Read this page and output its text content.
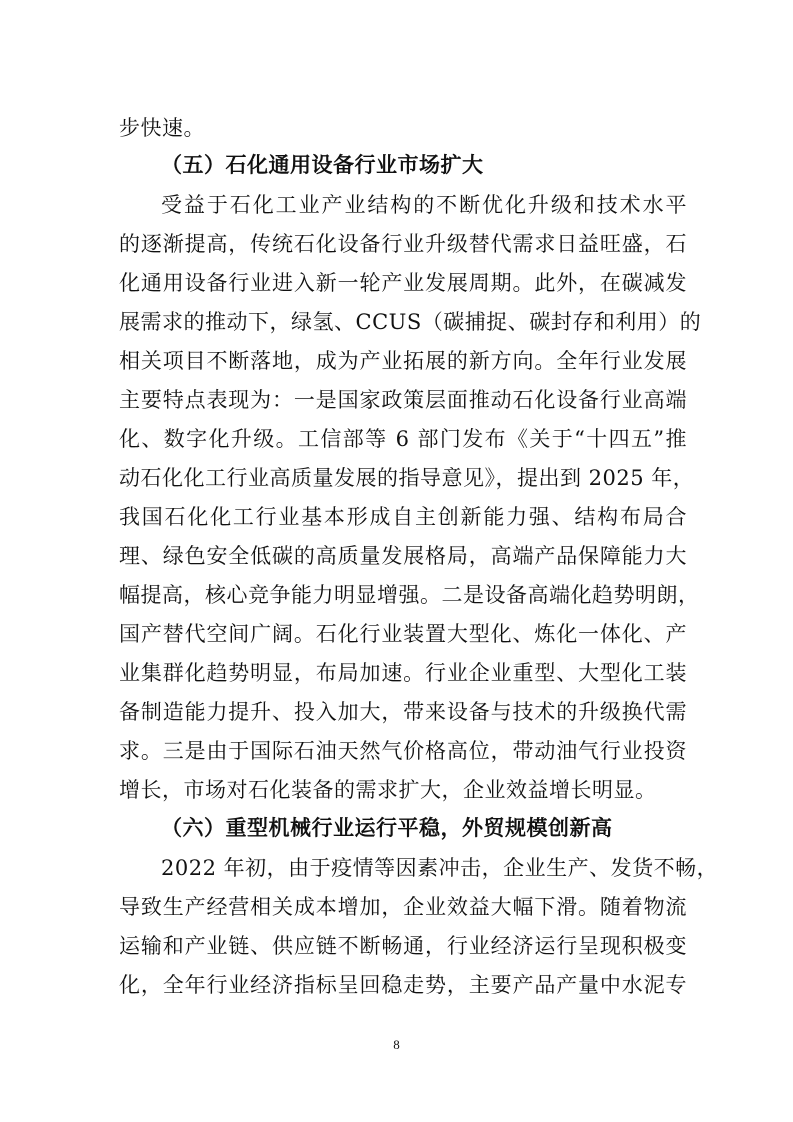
步快速。
（五）石化通用设备行业市场扩大
受益于石化工业产业结构的不断优化升级和技术水平
的逐渐提高，传统石化设备行业升级替代需求日益旺盛，石
化通用设备行业进入新一轮产业发展周期。此外，在碳减发
展需求的推动下，绿氢、CCUS（碳捕捉、碳封存和利用）的
相关项目不断落地，成为产业拓展的新方向。全年行业发展
主要特点表现为：一是国家政策层面推动石化设备行业高端
化、数字化升级。工信部等 6 部门发布《关于“十四五”推
动石化化工行业高质量发展的指导意见》，提出到 2025 年，
我国石化化工行业基本形成自主创新能力强、结构布局合
理、绿色安全低碳的高质量发展格局，高端产品保障能力大
幅提高，核心竞争能力明显增强。二是设备高端化趋势明朗，
国产替代空间广阔。石化行业装置大型化、炼化一体化、产
业集群化趋势明显，布局加速。行业企业重型、大型化工装
备制造能力提升、投入加大，带来设备与技术的升级换代需
求。三是由于国际石油天然气价格高位，带动油气行业投资
增长，市场对石化装备的需求扩大，企业效益增长明显。
（六）重型机械行业运行平稳，外贸规模创新高
2022 年初，由于疫情等因素冲击，企业生产、发货不畅，
导致生产经营相关成本增加，企业效益大幅下滑。随着物流
运输和产业链、供应链不断畅通，行业经济运行呈现积极变
化，全年行业经济指标呈回稳走势，主要产品产量中水泥专
8
